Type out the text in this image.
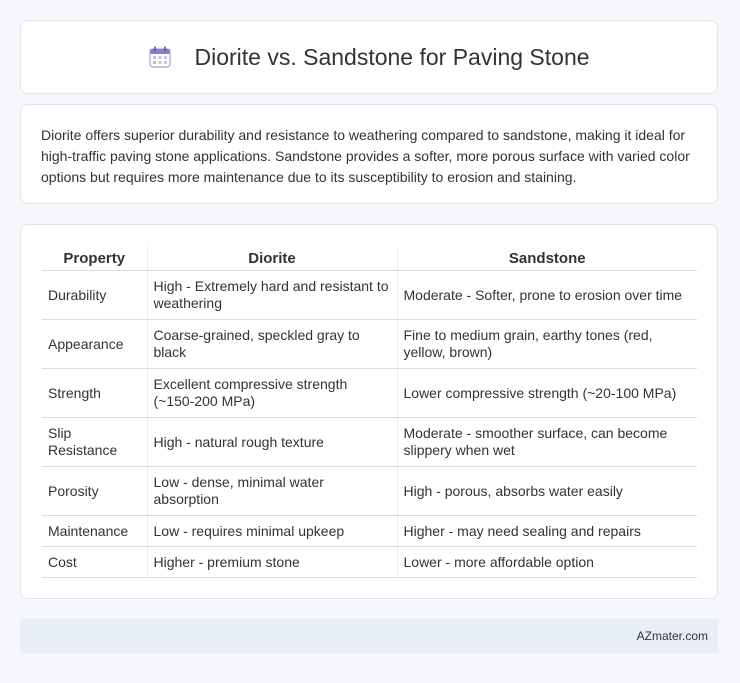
Diorite vs. Sandstone for Paving Stone

Diorite offers superior durability and resistance to weathering compared to sandstone, making it ideal for high-traffic paving stone applications. Sandstone provides a softer, more porous surface with varied color options but requires more maintenance due to its susceptibility to erosion and staining.

Property	Diorite	Sandstone
Durability	High - Extremely hard and resistant to weathering	Moderate - Softer, prone to erosion over time
Appearance	Coarse-grained, speckled gray to black	Fine to medium grain, earthy tones (red, yellow, brown)
Strength	Excellent compressive strength (~150-200 MPa)	Lower compressive strength (~20-100 MPa)
Slip Resistance	High - natural rough texture	Moderate - smoother surface, can become slippery when wet
Porosity	Low - dense, minimal water absorption	High - porous, absorbs water easily
Maintenance	Low - requires minimal upkeep	Higher - may need sealing and repairs
Cost	Higher - premium stone	Lower - more affordable option
AZmater.com
